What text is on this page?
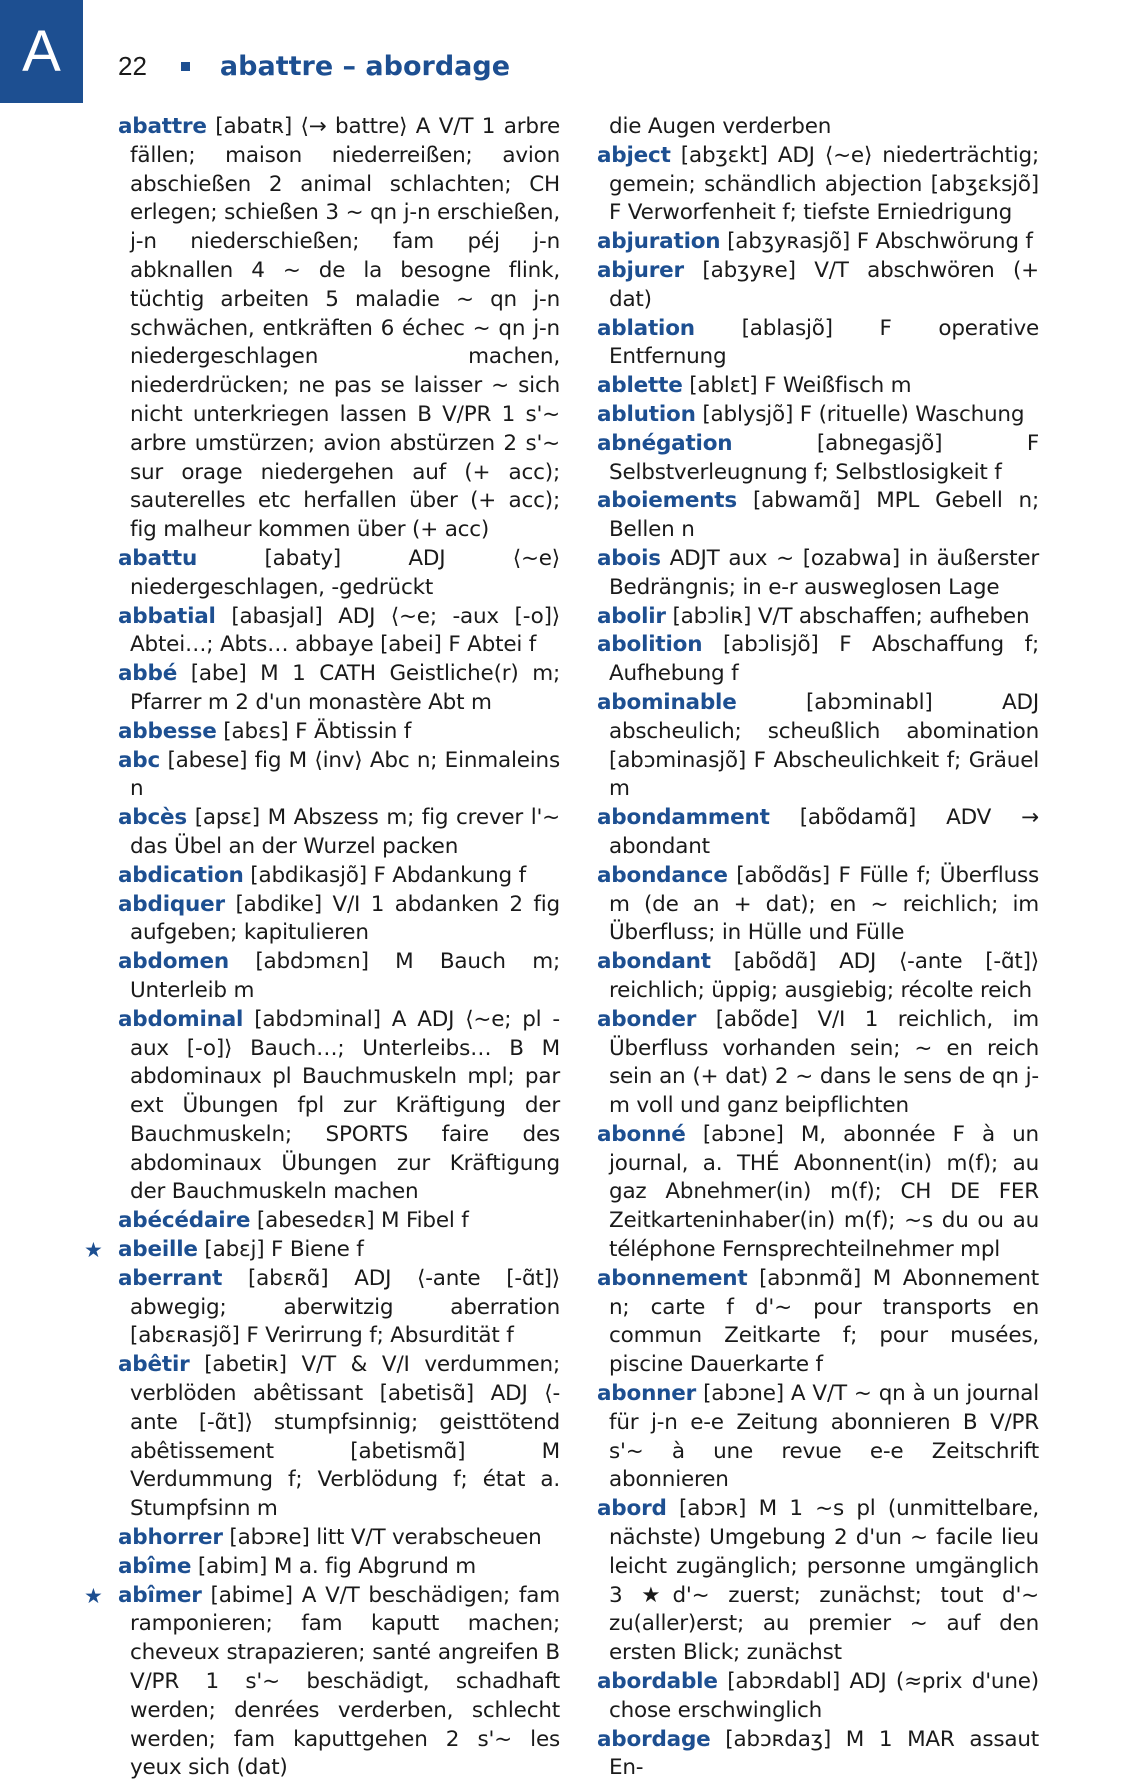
A	22	abattre – abordage

abattre [abatʀ] ⟨→ battre⟩ A V/T 1 arbre fällen; maison niederreißen; avion abschießen 2 animal schlachten; CH erlegen; schießen 3 ~ qn j-n erschießen, j-n niederschießen; fam péj j-n abknallen 4 ~ de la besogne flink, tüchtig arbeiten 5 maladie ~ qn j-n schwächen, entkräften 6 échec ~ qn j-n niedergeschlagen machen, niederdrücken; ne pas se laisser ~ sich nicht unterkriegen lassen B V/PR 1 s'~ arbre umstürzen; avion abstürzen 2 s'~ sur orage niedergehen auf (+ acc); sauterelles etc herfallen über (+ acc); fig malheur kommen über (+ acc)

abattu	[abaty] ADJ ⟨~e⟩ niedergeschlagen, -gedrückt

abbatial [abasjal] ADJ ⟨~e; -aux [-o]⟩ Abtei…; Abts… abbaye [abei] F Abtei f

abbé [abe] M 1 CATH Geistliche(r) m; Pfarrer m 2 d'un monastère Abt m

abbesse [abɛs] F Äbtissin f

abc [abese] fig M ⟨inv⟩ Abc n; Einmaleins n

abcès [apsɛ] M Abszess m; fig crever l'~ das Übel an der Wurzel packen

abdication [abdikasjõ] F Abdankung f

abdiquer [abdike] V/I 1 abdanken 2 fig aufgeben; kapitulieren

abdomen [abdɔmɛn] M Bauch m; Unterleib m

abdominal [abdɔminal] A ADJ ⟨~e; pl -aux [-o]⟩ Bauch…; Unterleibs… B M abdominaux pl Bauchmuskeln mpl; par ext Übungen fpl zur Kräftigung der Bauchmuskeln; SPORTS faire des abdominaux Übungen zur Kräftigung der Bauchmuskeln machen

abécédaire [abesedɛʀ] M Fibel f

★ abeille [abɛj] F Biene f

aberrant [abɛʀɑ̃] ADJ ⟨-ante [-ɑ̃t]⟩ abwegig; aberwitzig aberration [abɛʀasjõ] F Verirrung f; Absurdität f

abêtir [abetiʀ] V/T & V/I verdummen; verblöden abêtissant [abetisɑ̃] ADJ ⟨-ante [-ɑ̃t]⟩ stumpfsinnig; geisttötend abêtissement [abetismɑ̃] M Verdummung f; Verblödung f; état a. Stumpfsinn m

abhorrer [abɔʀe] litt V/T verabscheuen

abîme [abim] M a. fig Abgrund m

★ abîmer [abime] A V/T beschädigen; fam ramponieren; fam kaputt machen; cheveux strapazieren; santé angreifen B V/PR 1 s'~ beschädigt, schadhaft werden; denrées verderben, schlecht werden; fam kaputtgehen 2 s'~ les yeux sich (dat)

die Augen verderben

abject [abʒɛkt] ADJ ⟨~e⟩ niederträchtig; gemein; schändlich abjection [abʒɛksjõ] F Verworfenheit f; tiefste Erniedrigung

abjuration [abʒyʀasjõ] F Abschwörung f

abjurer [abʒyʀe] V/T abschwören (+ dat)

ablation [ablasjõ] F operative Entfernung

ablette [ablɛt] F Weißfisch m

ablution [ablysjõ] F (rituelle) Waschung

abnégation	[abnegasjõ] F Selbstverleugnung f; Selbstlosigkeit f

aboiements [abwamɑ̃] MPL Gebell n; Bellen n

abois ADJT aux ~ [ozabwa] in äußerster Bedrängnis; in e-r ausweglosen Lage

abolir [abɔliʀ] V/T abschaffen; aufheben

abolition [abɔlisjõ] F Abschaffung f; Aufhebung f

abominable	[abɔminabl] ADJ abscheulich; scheußlich abomination [abɔminasjõ] F Abscheulichkeit f; Gräuel m

abondamment [abõdamɑ̃] ADV → abondant

abondance [abõdɑ̃s] F Fülle f; Überfluss m (de an + dat); en ~ reichlich; im Überfluss; in Hülle und Fülle

abondant [abõdɑ̃] ADJ ⟨-ante [-ɑ̃t]⟩ reichlich; üppig; ausgiebig; récolte reich

abonder [abõde] V/I 1 reichlich, im Überfluss vorhanden sein; ~ en reich sein an (+ dat) 2 ~ dans le sens de qn j-m voll und ganz beipflichten

abonné [abɔne] M, abonnée F à un journal, a. THÉ Abonnent(in) m(f); au gaz Abnehmer(in) m(f); CH DE FER Zeitkarteninhaber(in) m(f); ~s du ou au téléphone Fernsprechteilnehmer mpl

abonnement [abɔnmɑ̃] M Abonnement n; carte f d'~ pour transports en commun Zeitkarte f; pour musées, piscine Dauerkarte f

abonner [abɔne] A V/T ~ qn à un journal für j-n e-e Zeitung abonnieren B V/PR s'~ à une revue e-e Zeitschrift abonnieren

abord [abɔʀ] M 1 ~s pl (unmittelbare, nächste) Umgebung 2 d'un ~ facile lieu leicht zugänglich; personne umgänglich 3 ★d'~ zuerst; zunächst; tout d'~ zu(aller)erst; au premier ~ auf den ersten Blick; zunächst

abordable [abɔʀdabl] ADJ (≈prix d'une) chose erschwinglich

abordage [abɔʀdaʒ] M 1 MAR assaut En-
